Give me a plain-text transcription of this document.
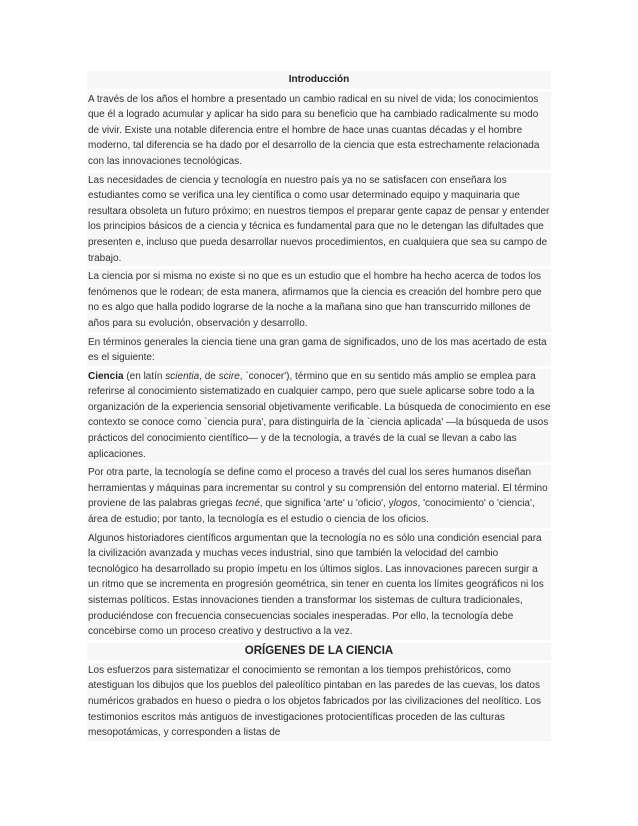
Introducción
A través de los años el hombre a presentado un cambio radical en su nivel de vida; los conocimientos que él a logrado acumular y aplicar ha sido para su beneficio que ha cambiado radicalmente su modo de vivir. Existe una notable diferencia entre el hombre de hace unas cuantas décadas y el hombre moderno, tal diferencia se ha dado por el desarrollo de la ciencia que esta estrechamente relacionada con las innovaciones tecnológicas.
Las necesidades de ciencia y tecnología en nuestro país ya no se satisfacen con enseñara los estudiantes como se verifica una ley científica o como usar determinado equipo y maquinaria que resultara obsoleta un futuro próximo; en nuestros tiempos el preparar gente capaz de pensar y entender los principios básicos de a ciencia y técnica es fundamental para que no le detengan las difultades que presenten e, incluso que pueda desarrollar nuevos procedimientos, en cualquiera que sea su campo de trabajo.
La ciencia por si misma no existe si no que es un estudio que el hombre ha hecho acerca de todos los fenómenos que le rodean; de esta manera, afirmamos que la ciencia es creación del hombre pero que no es algo que halla podido lograrse de la noche a la mañana sino que han transcurrido millones de años para su evolución, observación y desarrollo.
En términos generales la ciencia tiene una gran gama de significados, uno de los mas acertado de esta es el siguiente:
Ciencia (en latín scientia, de scire, `conocer'), término que en su sentido más amplio se emplea para referirse al conocimiento sistematizado en cualquier campo, pero que suele aplicarse sobre todo a la organización de la experiencia sensorial objetivamente verificable. La búsqueda de conocimiento en ese contexto se conoce como `ciencia pura', para distinguirla de la `ciencia aplicada' —la búsqueda de usos prácticos del conocimiento científico— y de la tecnología, a través de la cual se llevan a cabo las aplicaciones.
Por otra parte, la tecnología se define como el proceso a través del cual los seres humanos diseñan herramientas y máquinas para incrementar su control y su comprensión del entorno material. El término proviene de las palabras griegas tecné, que significa 'arte' u 'oficio', ylogos, 'conocimiento' o 'ciencia', área de estudio; por tanto, la tecnología es el estudio o ciencia de los oficios.
Algunos historiadores científicos argumentan que la tecnología no es sólo una condición esencial para la civilización avanzada y muchas veces industrial, sino que también la velocidad del cambio tecnológico ha desarrollado su propio ímpetu en los últimos siglos. Las innovaciones parecen surgir a un ritmo que se incrementa en progresión geométrica, sin tener en cuenta los límites geográficos ni los sistemas políticos. Estas innovaciones tienden a transformar los sistemas de cultura tradicionales, produciéndose con frecuencia consecuencias sociales inesperadas. Por ello, la tecnología debe concebirse como un proceso creativo y destructivo a la vez.
ORÍGENES DE LA CIENCIA
Los esfuerzos para sistematizar el conocimiento se remontan a los tiempos prehistóricos, como atestiguan los dibujos que los pueblos del paleolítico pintaban en las paredes de las cuevas, los datos numéricos grabados en hueso o piedra o los objetos fabricados por las civilizaciones del neolítico. Los testimonios escritos más antiguos de investigaciones protocientíficas proceden de las culturas mesopotámicas, y corresponden a listas de
